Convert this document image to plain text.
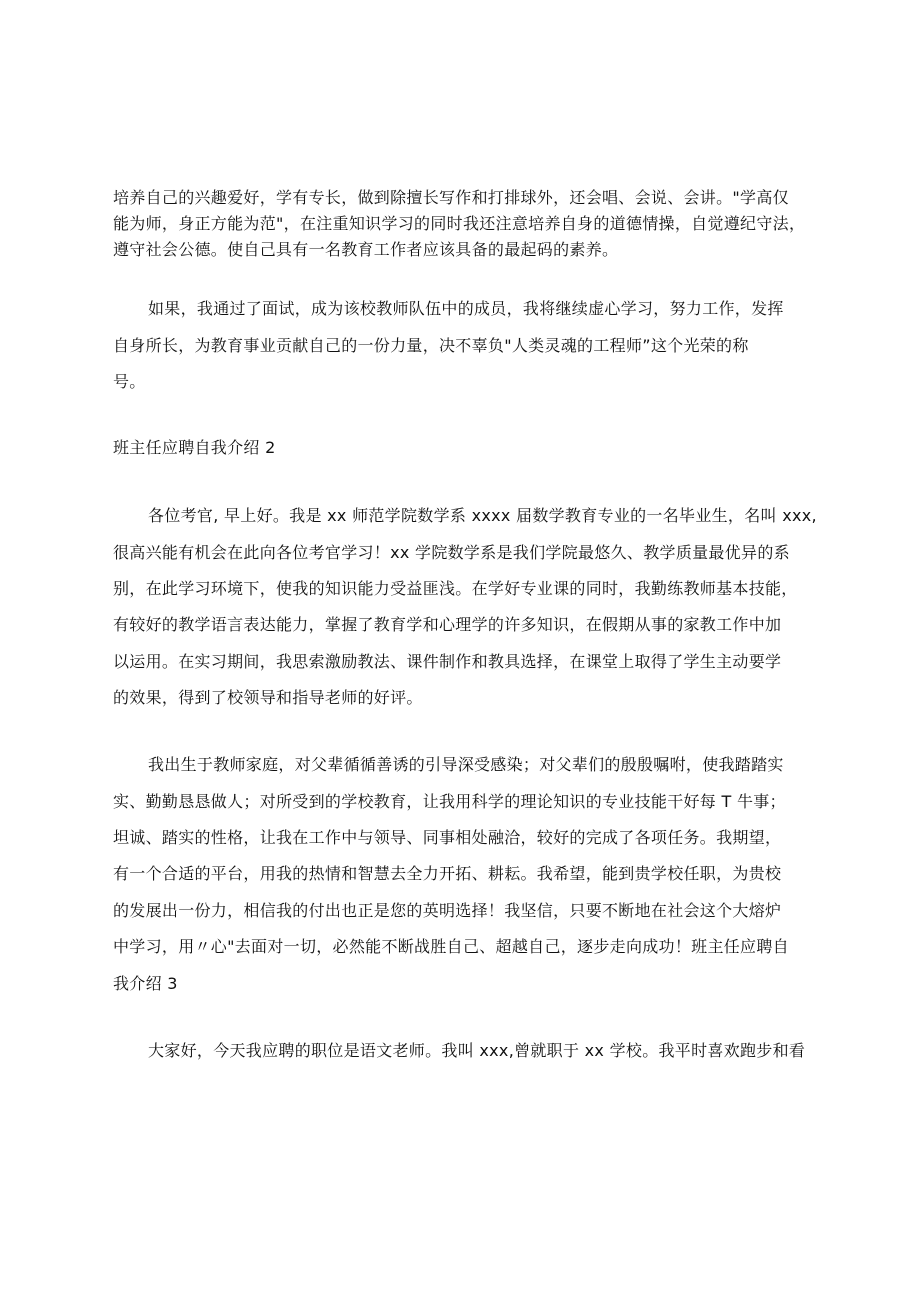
培养自己的兴趣爱好，学有专长，做到除擅长写作和打排球外，还会唱、会说、会讲。"学高仅
能为师，身正方能为范"，在注重知识学习的同时我还注意培养自身的道德情操，自觉遵纪守法，
遵守社会公德。使自己具有一名教育工作者应该具备的最起码的素养。
如果，我通过了面试，成为该校教师队伍中的成员，我将继续虚心学习，努力工作，发挥
自身所长，为教育事业贡献自己的一份力量，决不辜负"人类灵魂的工程师”这个光荣的称
号。
班主任应聘自我介绍 2
各位考官, 早上好。我是 xx 师范学院数学系 xxxx 届数学教育专业的一名毕业生，名叫 xxx,
很高兴能有机会在此向各位考官学习！xx 学院数学系是我们学院最悠久、教学质量最优异的系
别，在此学习环境下，使我的知识能力受益匪浅。在学好专业课的同时，我勤练教师基本技能，
有较好的教学语言表达能力，掌握了教育学和心理学的许多知识，在假期从事的家教工作中加
以运用。在实习期间，我思索激励教法、课件制作和教具选择，在课堂上取得了学生主动要学
的效果，得到了校领导和指导老师的好评。
我出生于教师家庭，对父辈循循善诱的引导深受感染；对父辈们的殷殷嘱咐，使我踏踏实
实、勤勤恳恳做人；对所受到的学校教育，让我用科学的理论知识的专业技能干好每 T 牛事；
坦诚、踏实的性格，让我在工作中与领导、同事相处融洽，较好的完成了各项任务。我期望，
有一个合适的平台，用我的热情和智慧去全力开拓、耕耘。我希望，能到贵学校任职，为贵校
的发展出一份力，相信我的付出也正是您的英明选择！我坚信，只要不断地在社会这个大熔炉
中学习，用〃心"去面对一切，必然能不断战胜自己、超越自己，逐步走向成功！班主任应聘自
我介绍 3
大家好，今天我应聘的职位是语文老师。我叫 xxx,曾就职于 xx 学校。我平时喜欢跑步和看
